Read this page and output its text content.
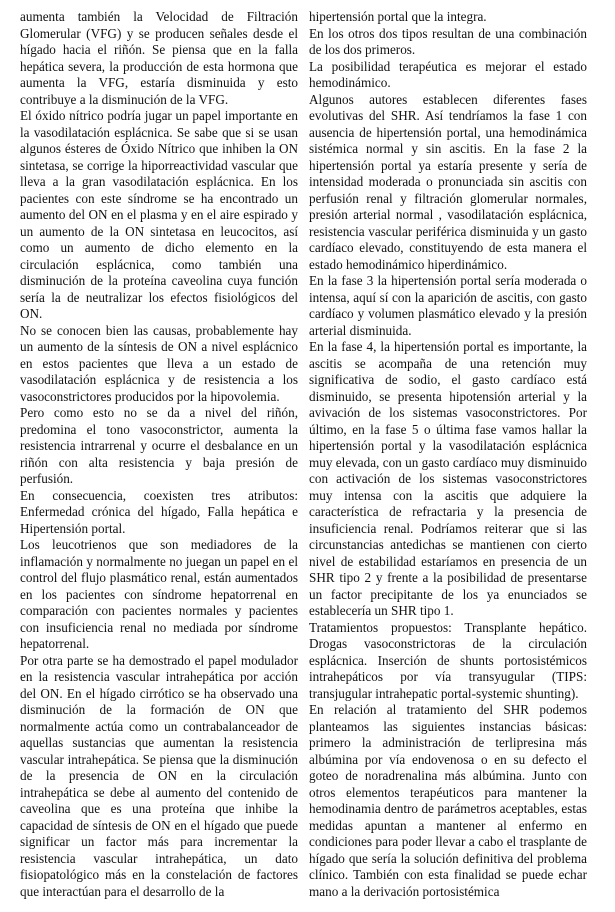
aumenta también la Velocidad de Filtración Glomerular (VFG) y se producen señales desde el hígado hacia el riñón. Se piensa que en la falla hepática severa, la producción de esta hormona que aumenta la VFG, estaría disminuida y esto contribuye a la disminución de la VFG.

El óxido nítrico podría jugar un papel importante en la vasodilatación esplácnica. Se sabe que si se usan algunos ésteres de Óxido Nítrico que inhiben la ON sintetasa, se corrige la hiporreactividad vascular que lleva a la gran vasodilatación esplácnica. En los pacientes con este síndrome se ha encontrado un aumento del ON en el plasma y en el aire espirado y un aumento de la ON sintetasa en leucocitos, así como un aumento de dicho elemento en la circulación esplácnica, como también una disminución de la proteína caveolina cuya función sería la de neutralizar los efectos fisiológicos del ON.

No se conocen bien las causas, probablemente hay un aumento de la síntesis de ON a nivel esplácnico en estos pacientes que lleva a un estado de vasodilatación esplácnica y de resistencia a los vasoconstrictores producidos por la hipovolemia.

Pero como esto no se da a nivel del riñón, predomina el tono vasoconstrictor, aumenta la resistencia intrarrenal y ocurre el desbalance en un riñón con alta resistencia y baja presión de perfusión.

En consecuencia, coexisten tres atributos: Enfermedad crónica del hígado, Falla hepática e Hipertensión portal.

Los leucotrienos que son mediadores de la inflamación y normalmente no juegan un papel en el control del flujo plasmático renal, están aumentados en los pacientes con síndrome hepatorrenal en comparación con pacientes normales y pacientes con insuficiencia renal no mediada por síndrome hepatorrenal.

Por otra parte se ha demostrado el papel modulador en la resistencia vascular intrahepática por acción del ON. En el hígado cirrótico se ha observado una disminución de la formación de ON que normalmente actúa como un contrabalanceador de aquellas sustancias que aumentan la resistencia vascular intrahepática. Se piensa que la disminución de la presencia de ON en la circulación intrahepática se debe al aumento del contenido de caveolina que es una proteína que inhibe la capacidad de síntesis de ON en el hígado que puede significar un factor más para incrementar la resistencia vascular intrahepática, un dato fisiopatológico más en la constelación de factores que interactúan para el desarrollo de la

hipertensión portal que la integra.

En los otros dos tipos resultan de una combinación de los dos primeros.

La posibilidad terapéutica es mejorar el estado hemodinámico.

Algunos autores establecen diferentes fases evolutivas del SHR. Así tendríamos la fase 1 con ausencia de hipertensión portal, una hemodinámica sistémica normal y sin ascitis. En la fase 2 la hipertensión portal ya estaría presente y sería de intensidad moderada o pronunciada sin ascitis con perfusión renal y filtración glomerular normales, presión arterial normal , vasodilatación esplácnica, resistencia vascular periférica disminuida y un gasto cardíaco elevado, constituyendo de esta manera el estado hemodinámico hiperdinámico.

En la fase 3 la hipertensión portal sería moderada o intensa, aquí sí con la aparición de ascitis, con gasto cardíaco y volumen plasmático elevado y la presión arterial disminuida.

En la fase 4, la hipertensión portal es importante, la ascitis se acompaña de una retención muy significativa de sodio, el gasto cardíaco está disminuido, se presenta hipotensión arterial y la avivación de los sistemas vasoconstrictores. Por último, en la fase 5 o última fase vamos hallar la hipertensión portal y la vasodilatación esplácnica muy elevada, con un gasto cardíaco muy disminuido con activación de los sistemas vasoconstrictores muy intensa con la ascitis que adquiere la característica de refractaria y la presencia de insuficiencia renal. Podríamos reiterar que si las circunstancias antedichas se mantienen con cierto nivel de estabilidad estaríamos en presencia de un SHR tipo 2 y frente a la posibilidad de presentarse un factor precipitante de los ya enunciados se establecería un SHR tipo 1.

Tratamientos propuestos: Transplante hepático. Drogas vasoconstrictoras de la circulación esplácnica. Inserción de shunts portosistémicos intrahepáticos por vía transyugular (TIPS: transjugular intrahepatic portal-systemic shunting).

En relación al tratamiento del SHR podemos planteamos las siguientes instancias básicas: primero la administración de terlipresina más albúmina por vía endovenosa o en su defecto el goteo de noradrenalina más albúmina. Junto con otros elementos terapéuticos para mantener la hemodinamia dentro de parámetros aceptables, estas medidas apuntan a mantener al enfermo en condiciones para poder llevar a cabo el trasplante de hígado que sería la solución definitiva del problema clínico. También con esta finalidad se puede echar mano a la derivación portosistémica
